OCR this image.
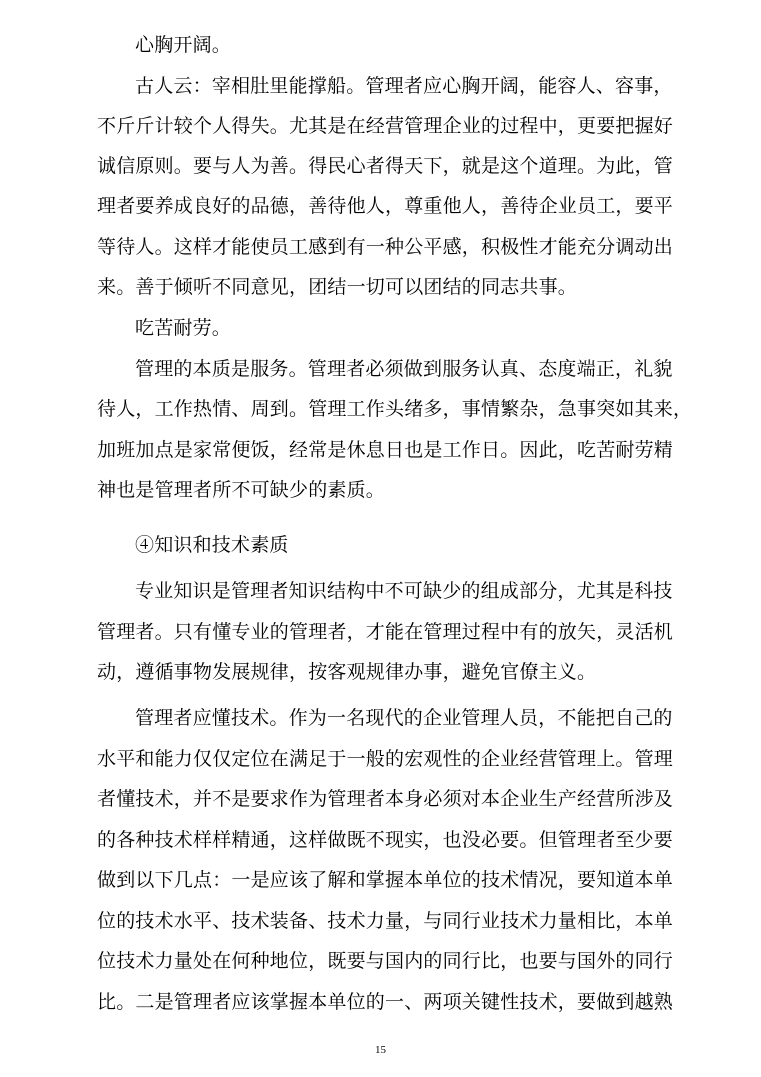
心胸开阔。
古人云：宰相肚里能撑船。管理者应心胸开阔，能容人、容事，
不斤斤计较个人得失。尤其是在经营管理企业的过程中，更要把握好
诚信原则。要与人为善。得民心者得天下，就是这个道理。为此，管
理者要养成良好的品德，善待他人，尊重他人，善待企业员工，要平
等待人。这样才能使员工感到有一种公平感，积极性才能充分调动出
来。善于倾听不同意见，团结一切可以团结的同志共事。
吃苦耐劳。
管理的本质是服务。管理者必须做到服务认真、态度端正，礼貌
待人，工作热情、周到。管理工作头绪多，事情繁杂，急事突如其来，
加班加点是家常便饭，经常是休息日也是工作日。因此，吃苦耐劳精
神也是管理者所不可缺少的素质。
④知识和技术素质
专业知识是管理者知识结构中不可缺少的组成部分，尤其是科技
管理者。只有懂专业的管理者，才能在管理过程中有的放矢，灵活机
动，遵循事物发展规律，按客观规律办事，避免官僚主义。
管理者应懂技术。作为一名现代的企业管理人员，不能把自己的
水平和能力仅仅定位在满足于一般的宏观性的企业经营管理上。管理
者懂技术，并不是要求作为管理者本身必须对本企业生产经营所涉及
的各种技术样样精通，这样做既不现实，也没必要。但管理者至少要
做到以下几点：一是应该了解和掌握本单位的技术情况，要知道本单
位的技术水平、技术装备、技术力量，与同行业技术力量相比，本单
位技术力量处在何种地位，既要与国内的同行比，也要与国外的同行
比。二是管理者应该掌握本单位的一、两项关键性技术，要做到越熟
15
